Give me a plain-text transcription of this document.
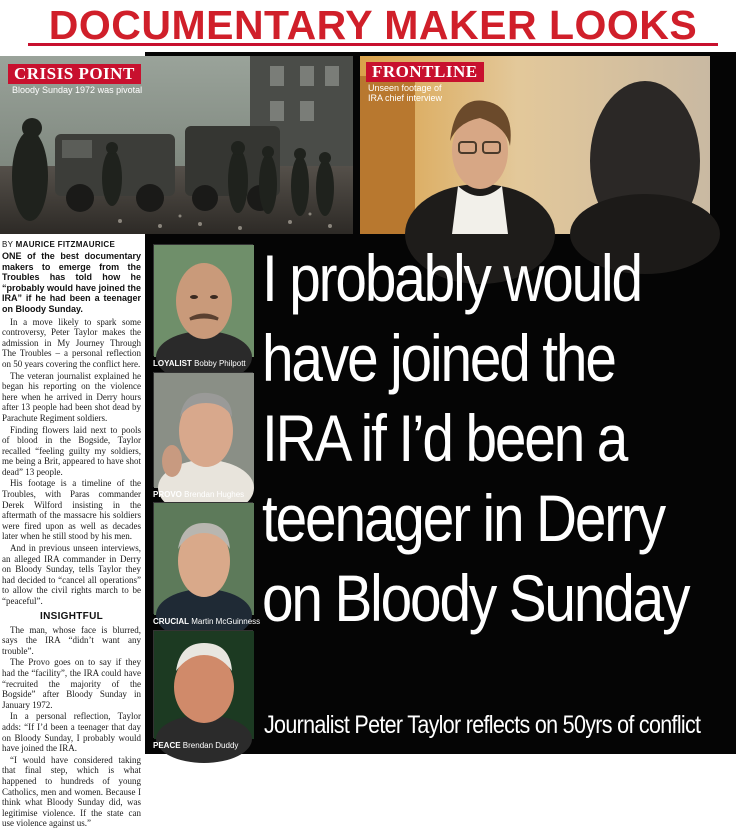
DOCUMENTARY MAKER LOOKS
CRISIS POINT
Bloody Sunday 1972 was pivotal
FRONTLINE
Unseen footage of IRA chief interview
BY MAURICE FITZMAURICE

ONE of the best documentary makers to emerge from the Troubles has told how he “probably would have joined the IRA” if he had been a teenager on Bloody Sunday.

In a move likely to spark some controversy, Peter Taylor makes the admission in My Journey Through The Troubles – a personal reflection on 50 years covering the conflict here.

The veteran journalist explained he began his reporting on the violence here when he arrived in Derry hours after 13 people had been shot dead by Parachute Regiment soldiers.

Finding flowers laid next to pools of blood in the Bogside, Taylor recalled “feeling guilty my soldiers, me being a Brit, appeared to have shot dead” 13 people.

His footage is a timeline of the Troubles, with Paras commander Derek Wilford insisting in the aftermath of the massacre his soldiers were fired upon as well as decades later when he still stood by his men.

And in previous unseen interviews, an alleged IRA commander in Derry on Bloody Sunday, tells Taylor they had decided to “cancel all operations” to allow the civil rights march to be “peaceful”.

INSIGHTFUL

The man, whose face is blurred, says the IRA “didn’t want any trouble”.

The Provo goes on to say if they had the “facility”, the IRA could have “recruited the majority of the Bogside” after Bloody Sunday in January 1972.

In a personal reflection, Taylor adds: “If I’d been a teenager that day on Bloody Sunday, I probably would have joined the IRA.

“I would have considered taking that final step, which is what happened to hundreds of young Catholics, men and women. Because I think what Bloody Sunday did, was legitimise violence. If the state can use violence against us.”

LOYALIST Bobby Philpott
PROVO Brendan Hughes
CRUCIAL Martin McGuinness
PEACE Brendan Duddy
I probably would
have joined the
IRA if I’d been a
teenager in Derry
on Bloody Sunday
Journalist Peter Taylor reflects on 50yrs of conflict
